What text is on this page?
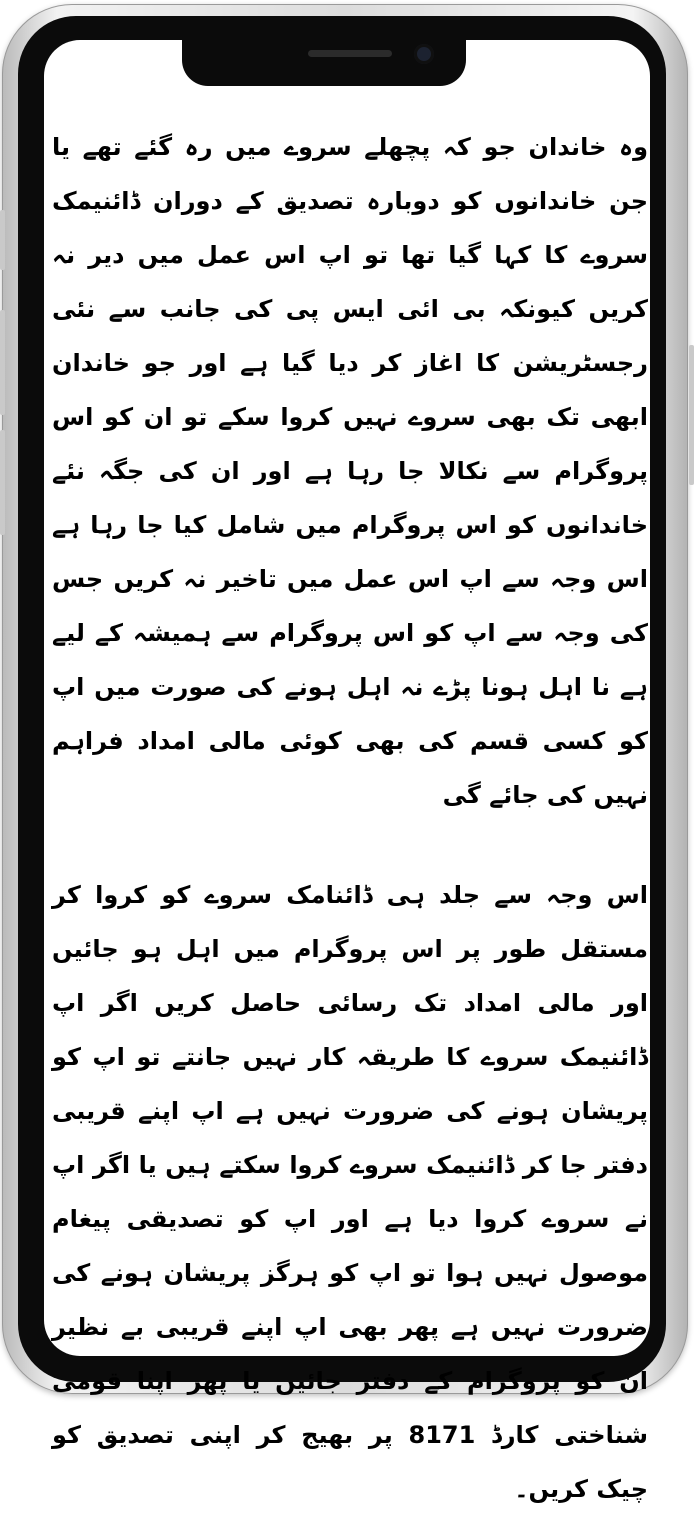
وہ خاندان جو کہ پچھلے سروے میں رہ گئے تھے یا جن خاندانوں کو دوبارہ تصدیق کے دوران ڈائنیمک سروے کا کہا گیا تھا تو اپ اس عمل میں دیر نہ کریں کیونکہ بی ائی ایس پی کی جانب سے نئی رجسٹریشن کا اغاز کر دیا گیا ہے اور جو خاندان ابھی تک بھی سروے نہیں کروا سکے تو ان کو اس پروگرام سے نکالا جا رہا ہے اور ان کی جگہ نئے خاندانوں کو اس پروگرام میں شامل کیا جا رہا ہے اس وجہ سے اپ اس عمل میں تاخیر نہ کریں جس کی وجہ سے اپ کو اس پروگرام سے ہمیشہ کے لیے ہے نا اہل ہونا پڑے نہ اہل ہونے کی صورت میں اپ کو کسی قسم کی بھی کوئی مالی امداد فراہم نہیں کی جائے گی

اس وجہ سے جلد ہی ڈائنامک سروے کو کروا کر مستقل طور پر اس پروگرام میں اہل ہو جائیں اور مالی امداد تک رسائی حاصل کریں اگر اپ ڈائنیمک سروے کا طریقہ کار نہیں جانتے تو اپ کو پریشان ہونے کی ضرورت نہیں ہے اپ اپنے قریبی دفتر جا کر ڈائنیمک سروے کروا سکتے ہیں یا اگر اپ نے سروے کروا دیا ہے اور اپ کو تصدیقی پیغام موصول نہیں ہوا تو اپ کو ہرگز پریشان ہونے کی ضرورت نہیں ہے پھر بھی اپ اپنے قریبی بے نظیر ان کو پروگرام کے دفتر جائیں یا پھر اپنا قومی شناختی کارڈ 8171 پر بھیج کر اپنی تصدیق کو چیک کریں۔
